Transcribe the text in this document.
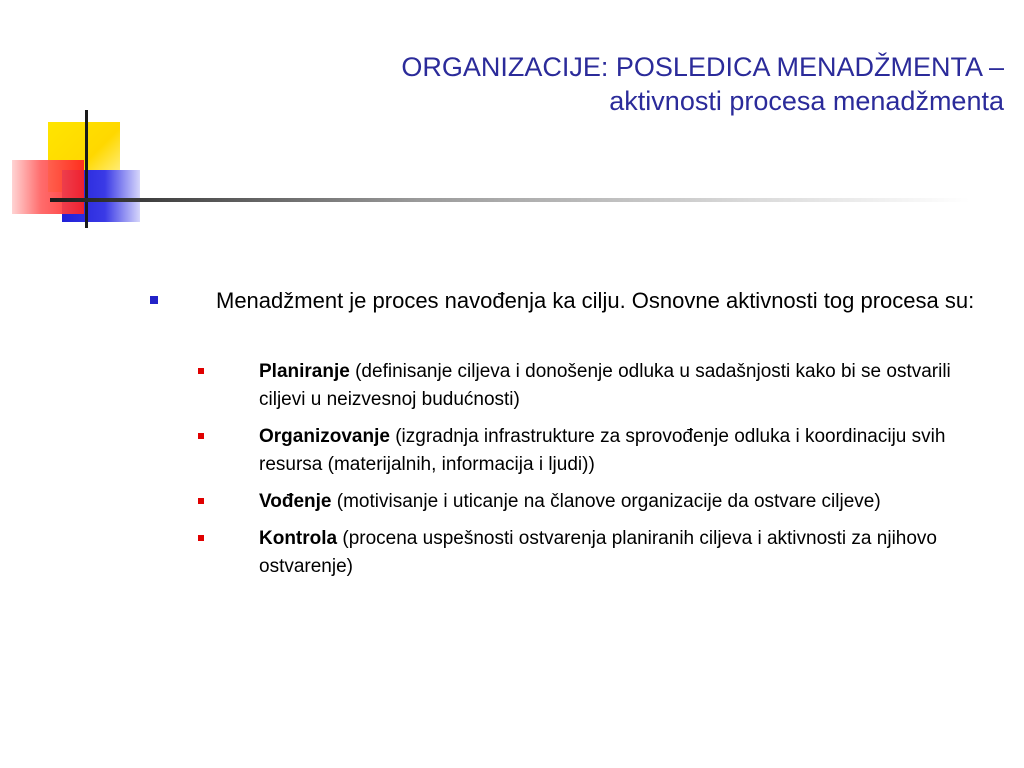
ORGANIZACIJE: POSLEDICA MENADŽMENTA –
aktivnosti procesa menadžmenta
Menadžment je proces navođenja ka cilju. Osnovne aktivnosti tog procesa su:
Planiranje (definisanje ciljeva i donošenje odluka u sadašnjosti kako bi se ostvarili ciljevi u neizvesnoj budućnosti)
Organizovanje (izgradnja infrastrukture za sprovođenje odluka i koordinaciju svih resursa (materijalnih, informacija i ljudi))
Vođenje (motivisanje i uticanje na članove organizacije da ostvare ciljeve)
Kontrola (procena uspešnosti ostvarenja planiranih ciljeva i aktivnosti za njihovo ostvarenje)
